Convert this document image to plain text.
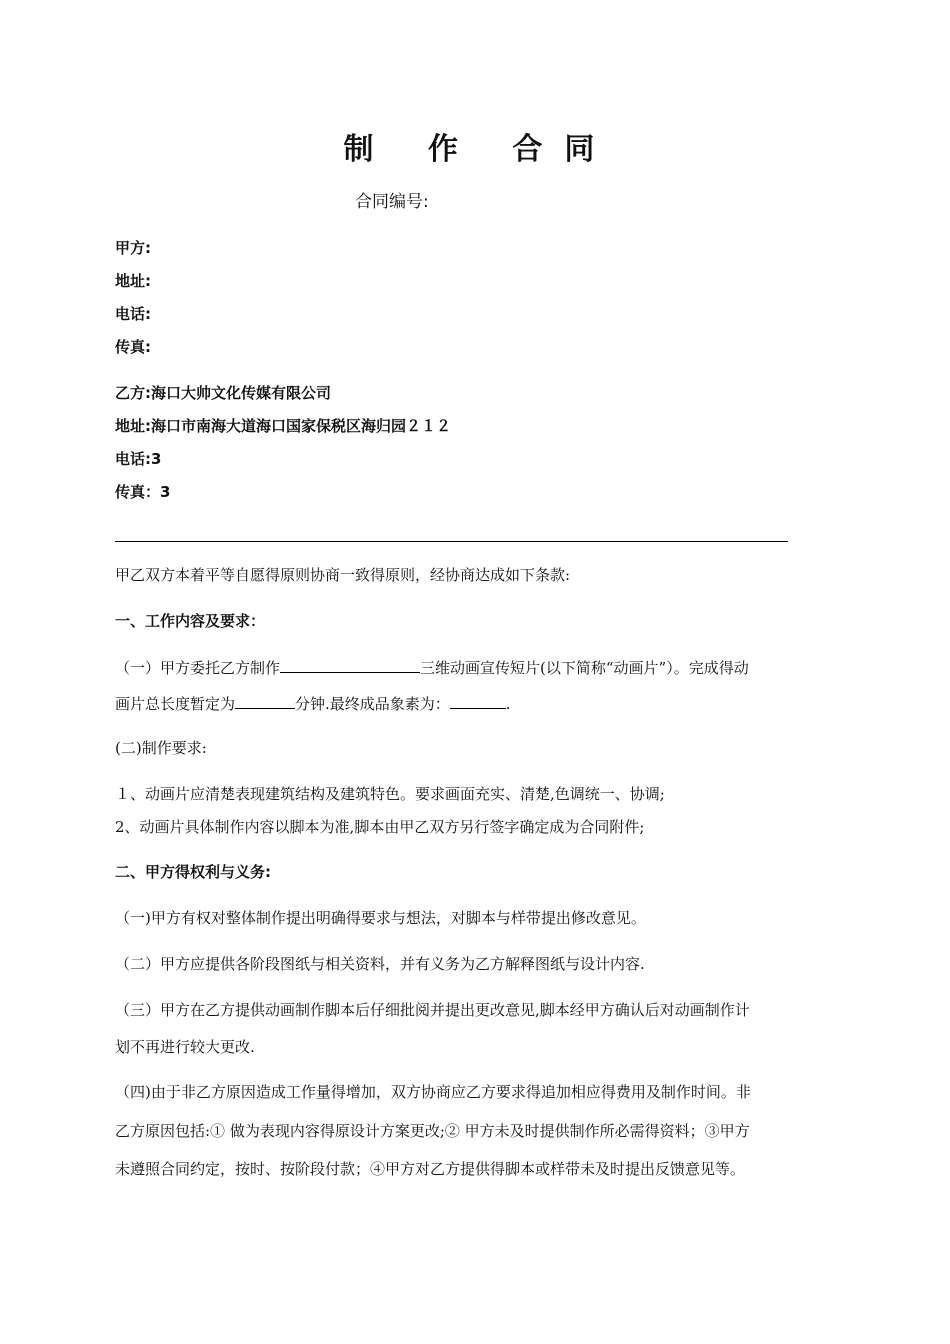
制 作 合同
合同编号:
甲方:
地址:
电话:
传真:
乙方:海口大帅文化传媒有限公司
地址:海口市南海大道海口国家保税区海归园２１２
电话:3
传真：3
甲乙双方本着平等自愿得原则协商一致得原则，经协商达成如下条款:
一、工作内容及要求：
（一）甲方委托乙方制作	三维动画宣传短片(以下简称“动画片”）。完成得动
画片总长度暂定为	分钟.最终成品象素为：	.
(二)制作要求:
１、动画片应清楚表现建筑结构及建筑特色。要求画面充实、清楚,色调统一、协调;
2、动画片具体制作内容以脚本为准,脚本由甲乙双方另行签字确定成为合同附件;
二、甲方得权利与义务:
（一)甲方有权对整体制作提出明确得要求与想法，对脚本与样带提出修改意见。
（二）甲方应提供各阶段图纸与相关资料，并有义务为乙方解释图纸与设计内容.
（三）甲方在乙方提供动画制作脚本后仔细批阅并提出更改意见,脚本经甲方确认后对动画制作计
划不再进行较大更改.
（四)由于非乙方原因造成工作量得增加，双方协商应乙方要求得追加相应得费用及制作时间。非
乙方原因包括:① 做为表现内容得原设计方案更改;② 甲方未及时提供制作所必需得资料；③甲方
未遵照合同约定，按时、按阶段付款；④甲方对乙方提供得脚本或样带未及时提出反馈意见等。
